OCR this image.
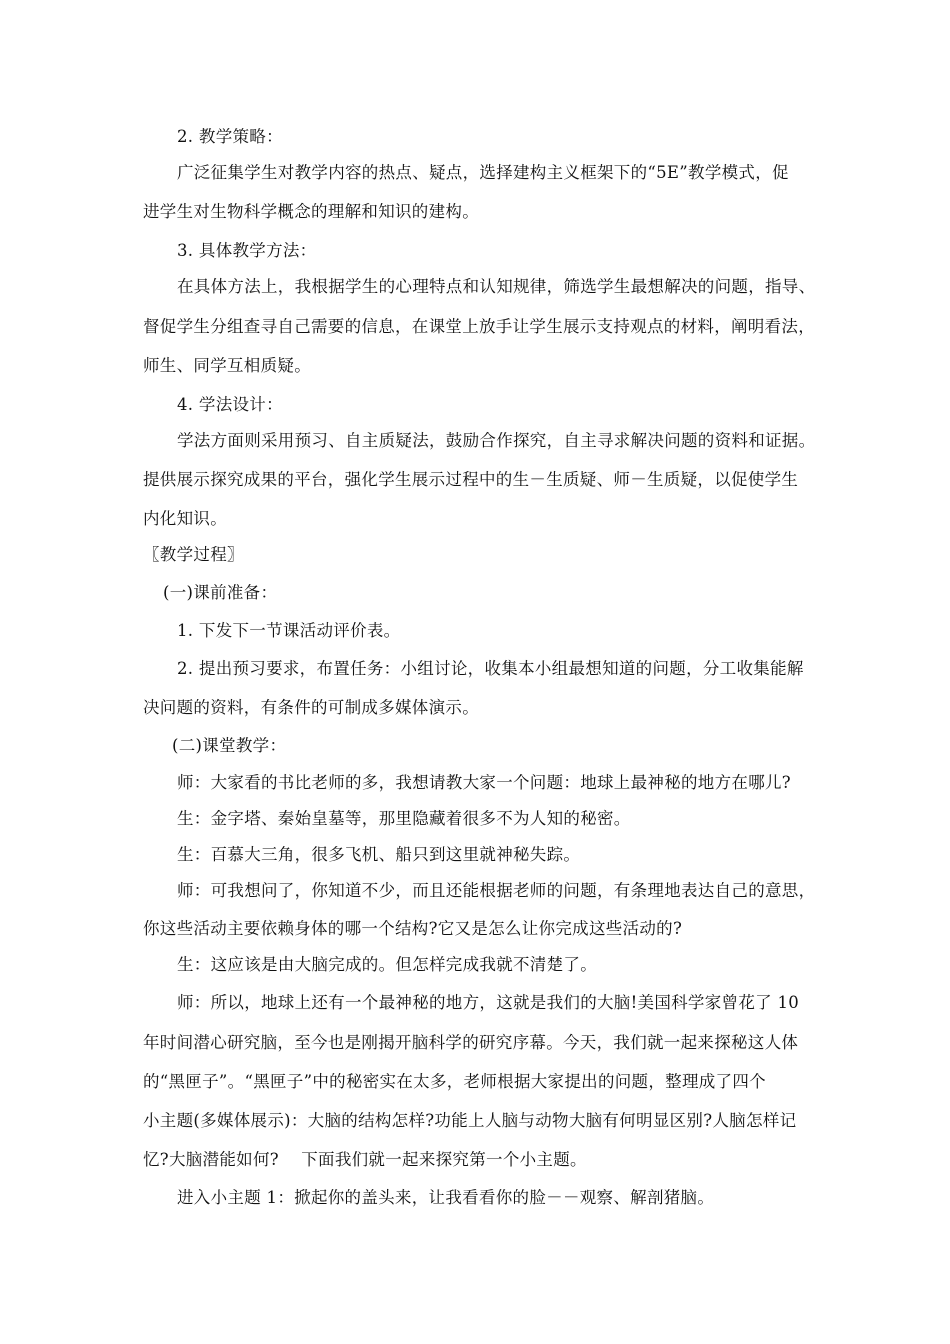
2. 教学策略：
广泛征集学生对教学内容的热点、疑点，选择建构主义框架下的“5E”教学模式，促
进学生对生物科学概念的理解和知识的建构。
3. 具体教学方法：
在具体方法上，我根据学生的心理特点和认知规律，筛选学生最想解决的问题，指导、
督促学生分组查寻自己需要的信息，在课堂上放手让学生展示支持观点的材料，阐明看法，
师生、同学互相质疑。
4. 学法设计：
学法方面则采用预习、自主质疑法，鼓励合作探究，自主寻求解决问题的资料和证据。
提供展示探究成果的平台，强化学生展示过程中的生－生质疑、师－生质疑，以促使学生
内化知识。
〖教学过程〗
(一)课前准备：
1. 下发下一节课活动评价表。
2. 提出预习要求，布置任务：小组讨论，收集本小组最想知道的问题，分工收集能解
决问题的资料，有条件的可制成多媒体演示。
(二)课堂教学：
师：大家看的书比老师的多，我想请教大家一个问题：地球上最神秘的地方在哪儿?
生：金字塔、秦始皇墓等，那里隐藏着很多不为人知的秘密。
生：百慕大三角，很多飞机、船只到这里就神秘失踪。
师：可我想问了，你知道不少，而且还能根据老师的问题，有条理地表达自己的意思，
你这些活动主要依赖身体的哪一个结构?它又是怎么让你完成这些活动的?
生：这应该是由大脑完成的。但怎样完成我就不清楚了。
师：所以，地球上还有一个最神秘的地方，这就是我们的大脑!美国科学家曾花了 10
年时间潜心研究脑，至今也是刚揭开脑科学的研究序幕。今天，我们就一起来探秘这人体
的“黑匣子”。“黑匣子”中的秘密实在太多，老师根据大家提出的问题，整理成了四个
小主题(多媒体展示)：大脑的结构怎样?功能上人脑与动物大脑有何明显区别?人脑怎样记
忆?大脑潜能如何?　 下面我们就一起来探究第一个小主题。
进入小主题 1：掀起你的盖头来，让我看看你的脸－－观察、解剖猪脑。
